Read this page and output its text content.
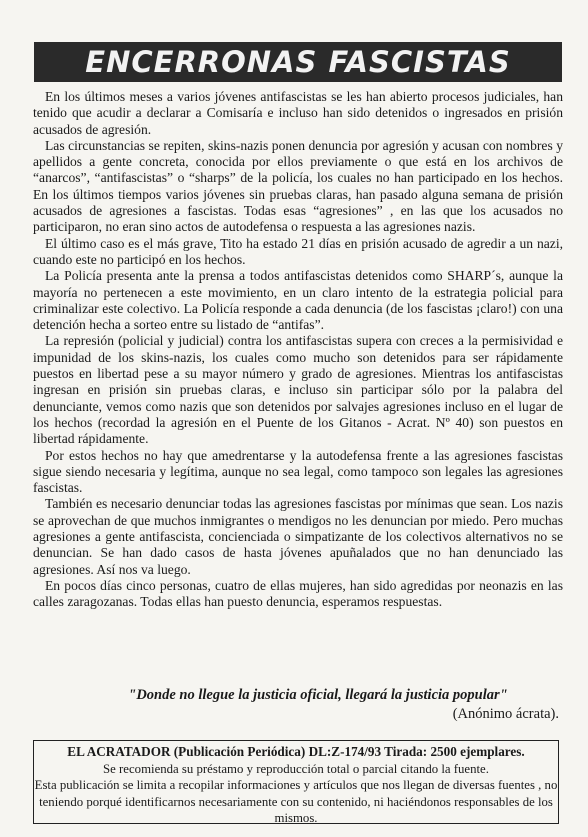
ENCERRONAS FASCISTAS

En los últimos meses a varios jóvenes antifascistas se les han abierto procesos judiciales, han tenido que acudir a declarar a Comisaría e incluso han sido detenidos o ingresados en prisión acusados de agresión.

Las circunstancias se repiten, skins-nazis ponen denuncia por agresión y acusan con nombres y apellidos a gente concreta, conocida por ellos previamente o que está en los archivos de “anarcos”, “antifascistas” o “sharps” de la policía, los cuales no han participado en los hechos. En los últimos tiempos varios jóvenes sin pruebas claras, han pasado alguna semana de prisión acusados de agresiones a fascistas. Todas esas “agresiones” , en las que los acusados no participaron, no eran sino actos de autodefensa o respuesta a las agresiones nazis.

El último caso es el más grave, Tito ha estado 21 días en prisión acusado de agredir a un nazi, cuando este no participó en los hechos.

La Policía presenta ante la prensa a todos antifascistas detenidos como SHARP´s, aunque la mayoría no pertenecen a este movimiento, en un claro intento de la estrategia policial para criminalizar este colectivo. La Policía responde a cada denuncia (de los fascistas ¡claro!) con una detención hecha a sorteo entre su listado de “antifas”.

La represión (policial y judicial) contra los antifascistas supera con creces a la permisividad e impunidad de los skins-nazis, los cuales como mucho son detenidos para ser rápidamente puestos en libertad pese a su mayor número y grado de agresiones. Mientras los antifascistas ingresan en prisión sin pruebas claras, e incluso sin participar sólo por la palabra del denunciante, vemos como nazis que son detenidos por salvajes agresiones incluso en el lugar de los hechos (recordad la agresión en el Puente de los Gitanos - Acrat. Nº 40) son puestos en libertad rápidamente.

Por estos hechos no hay que amedrentarse y la autodefensa frente a las agresiones fascistas sigue siendo necesaria y legítima, aunque no sea legal, como tampoco son legales las agresiones fascistas.

También es necesario denunciar todas las agresiones fascistas por mínimas que sean. Los nazis se aprovechan de que muchos inmigrantes o mendigos no les denuncian por miedo. Pero muchas agresiones a gente antifascista, concienciada o simpatizante de los colectivos alternativos no se denuncian. Se han dado casos de hasta jóvenes apuñalados que no han denunciado las agresiones. Así nos va luego.

En pocos días cinco personas, cuatro de ellas mujeres, han sido agredidas por neonazis en las calles zaragozanas. Todas ellas han puesto denuncia, esperamos respuestas.

"Donde no llegue la justicia oficial, llegará la justicia popular"
(Anónimo ácrata).
EL ACRATADOR (Publicación Periódica) DL:Z-174/93 Tirada: 2500 ejemplares.
Se recomienda su préstamo y reproducción total o parcial citando la fuente.
Esta publicación se limita a recopilar informaciones y artículos que nos llegan de diversas fuentes , no teniendo porqué identificarnos necesariamente con su contenido, ni haciéndonos responsables de los mismos.
